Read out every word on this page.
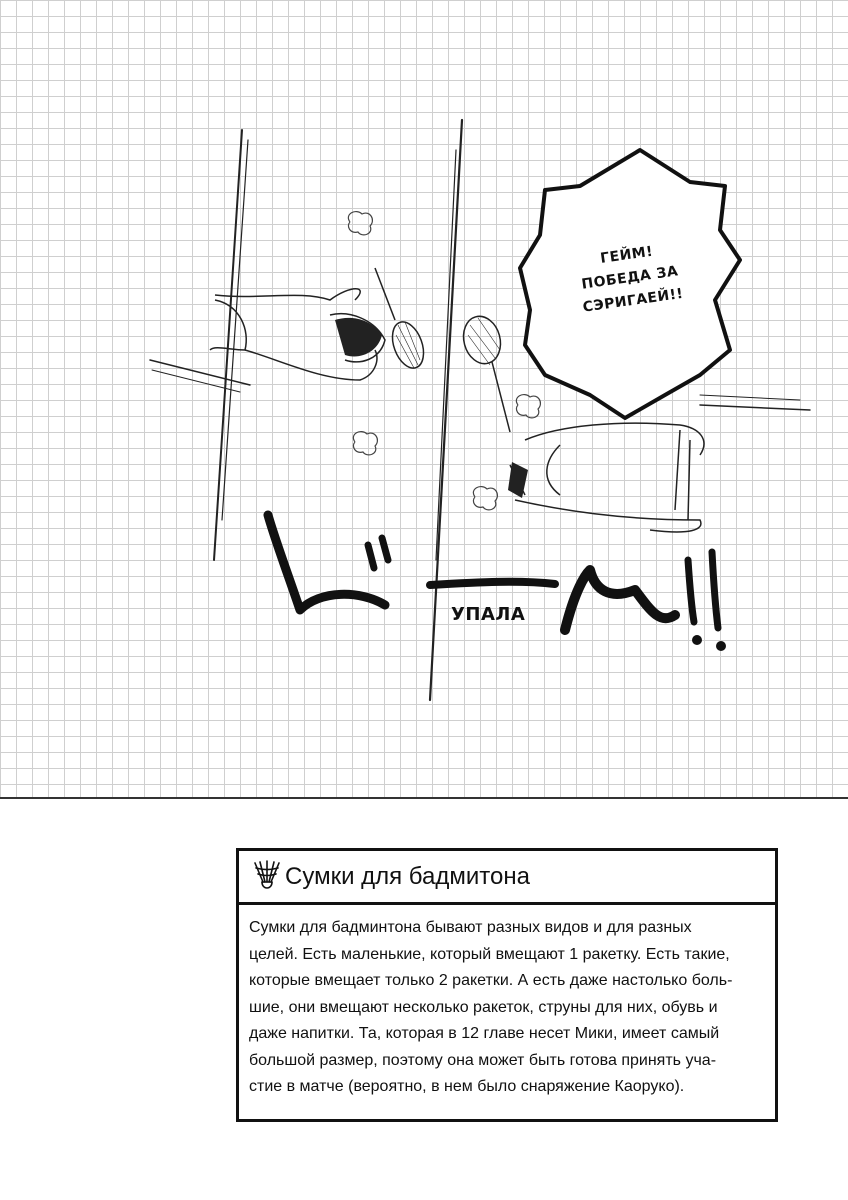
ГЕЙМ!
ПОБЕДА ЗА
СЭРИГАЕЙ!!
УПАЛА
Сумки для бадмитона
Сумки для бадминтона бывают разных видов и для разных
целей. Есть маленькие, который вмещают 1 ракетку. Есть такие,
которые вмещает только 2 ракетки. А есть даже настолько боль-
шие, они вмещают несколько ракеток, струны для них, обувь и
даже напитки. Та, которая в 12 главе несет Мики, имеет самый
большой размер, поэтому она может быть готова принять уча-
стие в матче (вероятно, в нем было снаряжение Каоруко).
